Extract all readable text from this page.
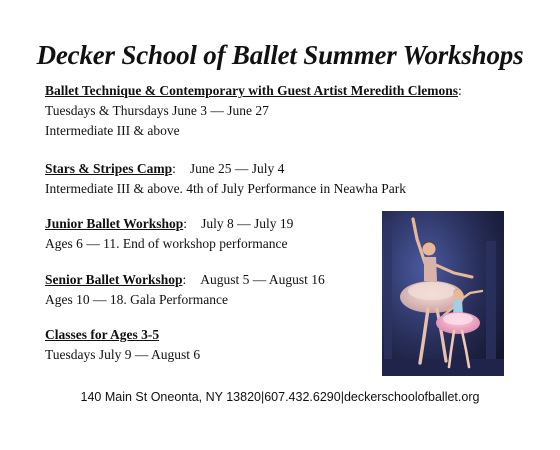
Decker School of Ballet Summer Workshops
Ballet Technique & Contemporary with Guest Artist Meredith Clemons:
Tuesdays & Thursdays June 3 — June 27
Intermediate III & above
Stars & Stripes Camp: June 25 — July 4
Intermediate III & above. 4th of July Performance in Neawha Park
Junior Ballet Workshop: July 8 — July 19
Ages 6 — 11. End of workshop performance
Senior Ballet Workshop: August 5 — August 16
Ages 10 — 18. Gala Performance
Classes for Ages 3-5
Tuesdays July 9 — August 6
140 Main St Oneonta, NY 13820|607.432.6290|deckerschoolofballet.org
